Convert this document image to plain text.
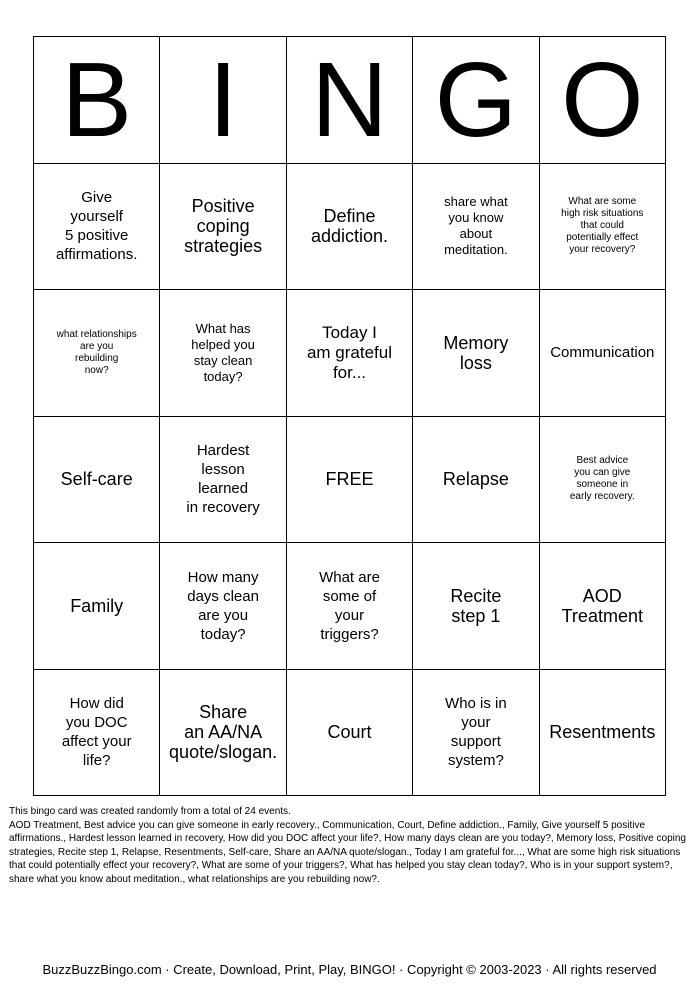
B I N G O
Give
yourself
5 positive
affirmations.
Positive
coping
strategies
Define
addiction.
share what
you know
about
meditation.
What are some
high risk situations
that could
potentially effect
your recovery?
what relationships
are you
rebuilding
now?
What has
helped you
stay clean
today?
Today I
am grateful
for...
Memory
loss	Communication
Self-care
Hardest
lesson
learned
in recovery
FREE	Relapse
Best advice
you can give
someone in
early recovery.
Family
How many
days clean
are you
today?
What are
some of
your
triggers?
Recite
step 1
AOD
Treatment
How did
you DOC
affect your
life?
Share
an AA/NA
quote/slogan.
Court
Who is in
your
support
system?
Resentments

This bingo card was created randomly from a total of 24 events.

AOD Treatment, Best advice you can give someone in early recovery., Communication, Court, Define addiction., Family, Give yourself 5 positive affirmations., Hardest lesson learned in recovery, How did you DOC affect your life?, How many days clean are you today?, Memory loss, Positive coping strategies, Recite step 1, Relapse, Resentments, Self-care, Share an AA/NA quote/slogan., Today I am grateful for..., What are some high risk situations that could potentially effect your recovery?, What are some of your triggers?, What has helped you stay clean today?, Who is in your support system?, share what you know about meditation., what relationships are you rebuilding now?.

BuzzBuzzBingo.com · Create, Download, Print, Play, BINGO! · Copyright © 2003-2023 · All rights reserved
